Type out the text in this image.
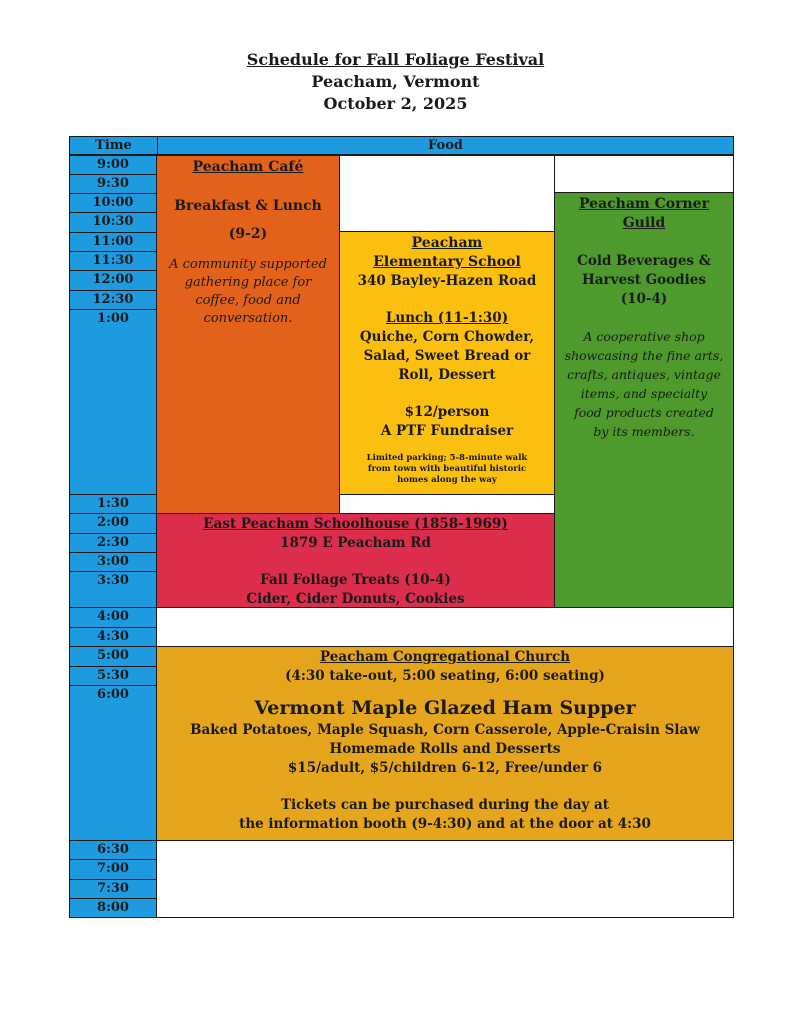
Schedule for Fall Foliage Festival
Peacham, Vermont
October 2, 2025
Time	Food
9:00
9:30
10:00
10:30
11:00
11:30
12:00
12:30
1:00
1:30
2:00
2:30
3:00
3:30
4:00
4:30
5:00
5:30
6:00
6:30
7:00
7:30
8:00
Peacham Café
Breakfast & Lunch
(9-2)
A community supported
gathering place for
coffee, food and
conversation.
Peacham
Elementary School
340 Bayley-Hazen Road
Lunch (11-1:30)
Quiche, Corn Chowder,
Salad, Sweet Bread or
Roll, Dessert
$12/person
A PTF Fundraiser
Limited parking; 5-8-minute walk
from town with beautiful historic
homes along the way
Peacham Corner
Guild
Cold Beverages &
Harvest Goodies
(10-4)
A cooperative shop
showcasing the fine arts,
crafts, antiques, vintage
items, and specialty
food products created
by its members.
East Peacham Schoolhouse (1858-1969)
1879 E Peacham Rd
Fall Foliage Treats (10-4)
Cider, Cider Donuts, Cookies
Peacham Congregational Church
(4:30 take-out, 5:00 seating, 6:00 seating)
Vermont Maple Glazed Ham Supper
Baked Potatoes, Maple Squash, Corn Casserole, Apple-Craisin Slaw
Homemade Rolls and Desserts
$15/adult, $5/children 6-12, Free/under 6
Tickets can be purchased during the day at
the information booth (9-4:30) and at the door at 4:30
